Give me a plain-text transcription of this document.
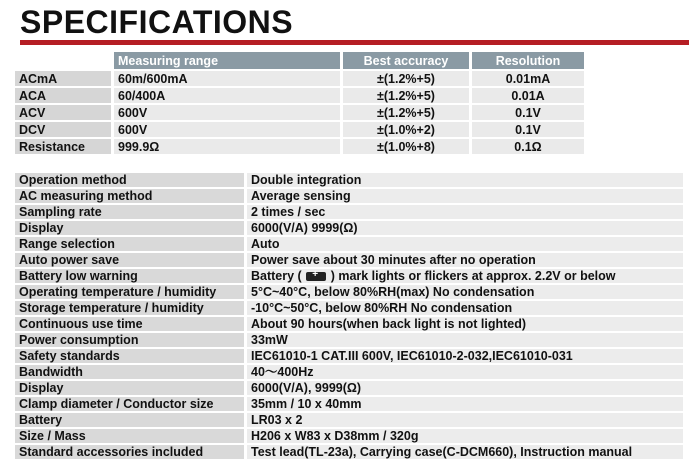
SPECIFICATIONS
	Measuring range	Best accuracy	Resolution
ACmA	60m/600mA	±(1.2%+5)	0.01mA
ACA	60/400A	±(1.2%+5)	0.01A
ACV	600V	±(1.2%+5)	0.1V
DCV	600V	±(1.0%+2)	0.1V
Resistance	999.9Ω	±(1.0%+8)	0.1Ω
Operation method	Double integration
AC measuring method	Average sensing
Sampling rate	2 times / sec
Display	6000(V/A) 9999(Ω)
Range selection	Auto
Auto power save	Power save about 30 minutes after no operation
Battery low warning	Battery ( + ) mark lights or flickers at approx. 2.2V or below
Operating temperature / humidity	5°C~40°C, below 80%RH(max) No condensation
Storage temperature / humidity	-10°C~50°C, below 80%RH No condensation
Continuous use time	About 90 hours(when back light is not lighted)
Power consumption	33mW
Safety standards	IEC61010-1 CAT.III 600V, IEC61010-2-032,IEC61010-031
Bandwidth	40～400Hz
Display	6000(V/A), 9999(Ω)
Clamp diameter / Conductor size	35mm / 10 x 40mm
Battery	LR03 x 2
Size / Mass	H206 x W83 x D38mm / 320g
Standard accessories included	Test lead(TL-23a), Carrying case(C-DCM660), Instruction manual
